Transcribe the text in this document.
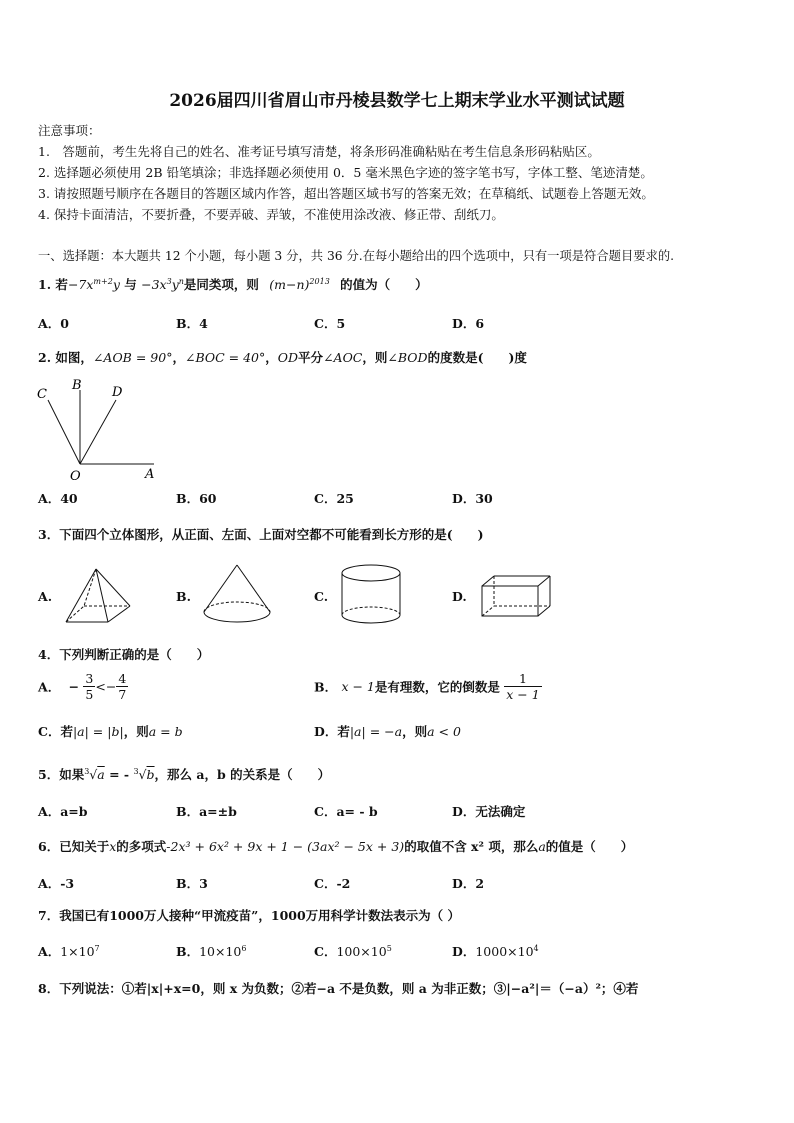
2026届四川省眉山市丹棱县数学七上期末学业水平测试试题
注意事项：
1.　答题前，考生先将自己的姓名、准考证号填写清楚，将条形码准确粘贴在考生信息条形码粘贴区。
2. 选择题必须使用 2B 铅笔填涂；非选择题必须使用 0．5 毫米黑色字迹的签字笔书写，字体工整、笔迹清楚。
3. 请按照题号顺序在各题目的答题区域内作答，超出答题区域书写的答案无效；在草稿纸、试题卷上答题无效。
4. 保持卡面清洁，不要折叠，不要弄破、弄皱，不准使用涂改液、修正带、刮纸刀。
一、选择题：本大题共 12 个小题，每小题 3 分，共 36 分.在每小题给出的四个选项中，只有一项是符合题目要求的.
1. 若$-7x^{m+2}y$ 与 $-3x^3y^n$是同类项，则 $(m-n)^{2013}$ 的值为（　　）
A．0	B．4	C．5	D．6
2. 如图，∠AOB = 90°，∠BOC = 40°，OD平分∠AOC，则∠BOD的度数是(　　)度
C
B D
O	A
A．40	B．60	C．25	D．30
3．下面四个立体图形，从正面、左面、上面对空都不可能看到长方形的是(　　)
A.	B.	C.	D.
4．下列判断正确的是（　　）
A． − $\frac{3}{5} <- \frac{4}{7}$	B． x − 1是有理数，它的倒数是 $\frac{1}{x - 1}$
C．若|a| = |b|，则a = b	D．若|a| = −a，则a < 0
5．如果$^3$√a = - $^3$√b，那么 a，b 的关系是（　　）
A．a=b	B．a=±b	C．a= - b	D．无法确定
6．已知关于x的多项式-2x³ + 6x² + 9x + 1 − (3ax² − 5x + 3)的取值不含 x² 项，那么a的值是（　　）
A．-3	B．3	C．-2	D．2
7．我国已有1000万人接种“甲流疫苗”，1000万用科学计数法表示为（ ）
A．$1\times 10^7$	B．$10\times 10^6$	C．$100\times 10^5$	D．$1000\times 10^4$
8．下列说法：①若|x|+x=0，则 x 为负数；②若−a 不是负数，则 a 为非正数；③|−a²|＝（−a）²；④若
